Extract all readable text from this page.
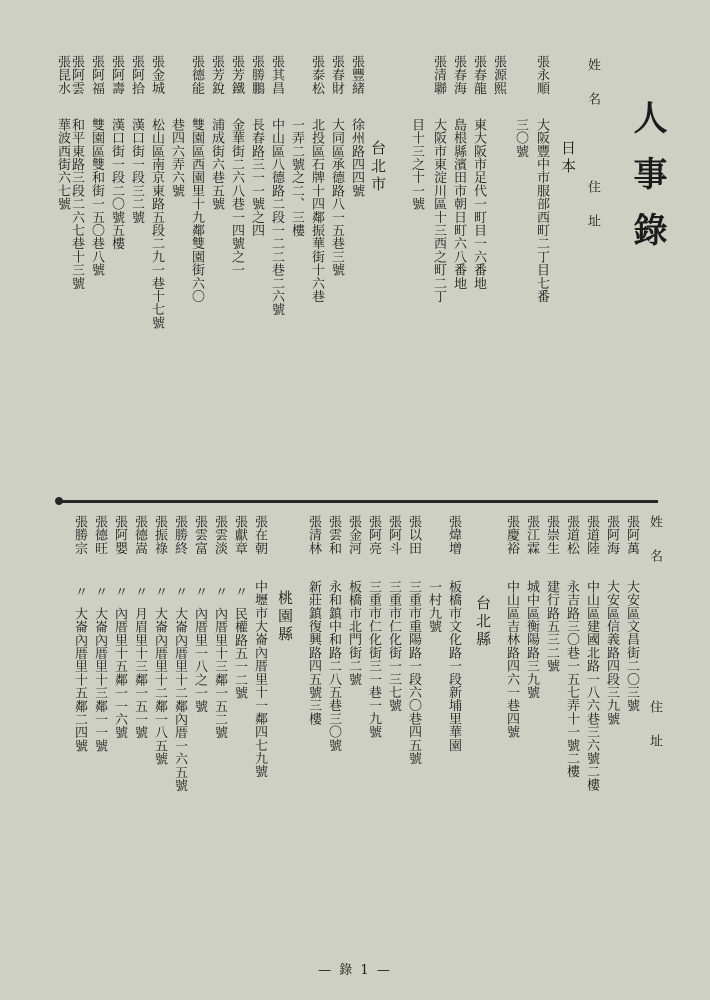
人事錄
姓 名
住 址
日本
台北市
張永順
大阪豐中市服部西町二丁目七番
三〇號
張源熙
張春龍
東大阪市足代一町目一六番地
張春海
島根縣濱田市朝日町六八番地
張清聯
大阪市東淀川區十三西之町二丁
目十三之十一號
張豐緒
徐州路四四號
張春財
大同區承德路八一五巷三號
張泰松
北投區石牌十四鄰振華街十六巷
一弄二號之二、三樓
張其昌
中山區八德路二段一二二巷二六號
張勝鵬
長春路三一一號之四
張芳鐵
金華街二六八巷一四號之一
張芳銳
浦成街六巷五號
張德能
雙園區西園里十九鄰雙園街六〇
巷四六弄六號
張金城
松山區南京東路五段二九一巷十七號
張阿拾
漢口街一段三二號
張阿壽
漢口街一段二〇號五樓
張阿福
雙園區雙和街一五〇巷八號
張阿雲
和平東路三段二六七巷十三號
張昆水
華波西街六七號
姓 名
住 址
張阿萬
大安區文昌街二〇三號
張阿海
大安區信義路四段三九號
張道陸
中山區建國北路一八六巷三六號二樓
張道松
永吉路三〇巷一五七弄十一號二樓
張崇生
建行路五三二號
張江霖
城中區衡陽路三九號
張慶裕
中山區吉林路四六一巷四號
台北縣
張煒增
板橋市文化路一段新埔里華園
一村九號
張以田
三重市重陽路一段六〇巷四五號
張阿斗
三重市仁化街一三七號
張阿亮
三重市仁化街三一巷一九號
張金河
板橋市北門街二號
張雲和
永和鎮中和路二八五巷三〇號
張清林
新莊鎮復興路四五號三樓
桃園縣
張在朝
中壢市大崙內厝里十一鄰四七九號
張獻章
民權路五一二號
張雲淡
內厝里十三鄰一五二號
張雲富
內厝里一八之一號
張勝終
大崙內厝里十二鄰內厝一六五號
張振祿
大崙內厝里十二鄰一八五號
張德嵩
月眉里十三鄰一五一號
張阿嬰
內厝里十五鄰一一六號
張德旺
大崙內厝里十三鄰一一號
張勝宗
大崙內厝里十五鄰二四號
〃
〃
〃
〃
〃
〃
〃
〃
〃
— 錄 1 —
